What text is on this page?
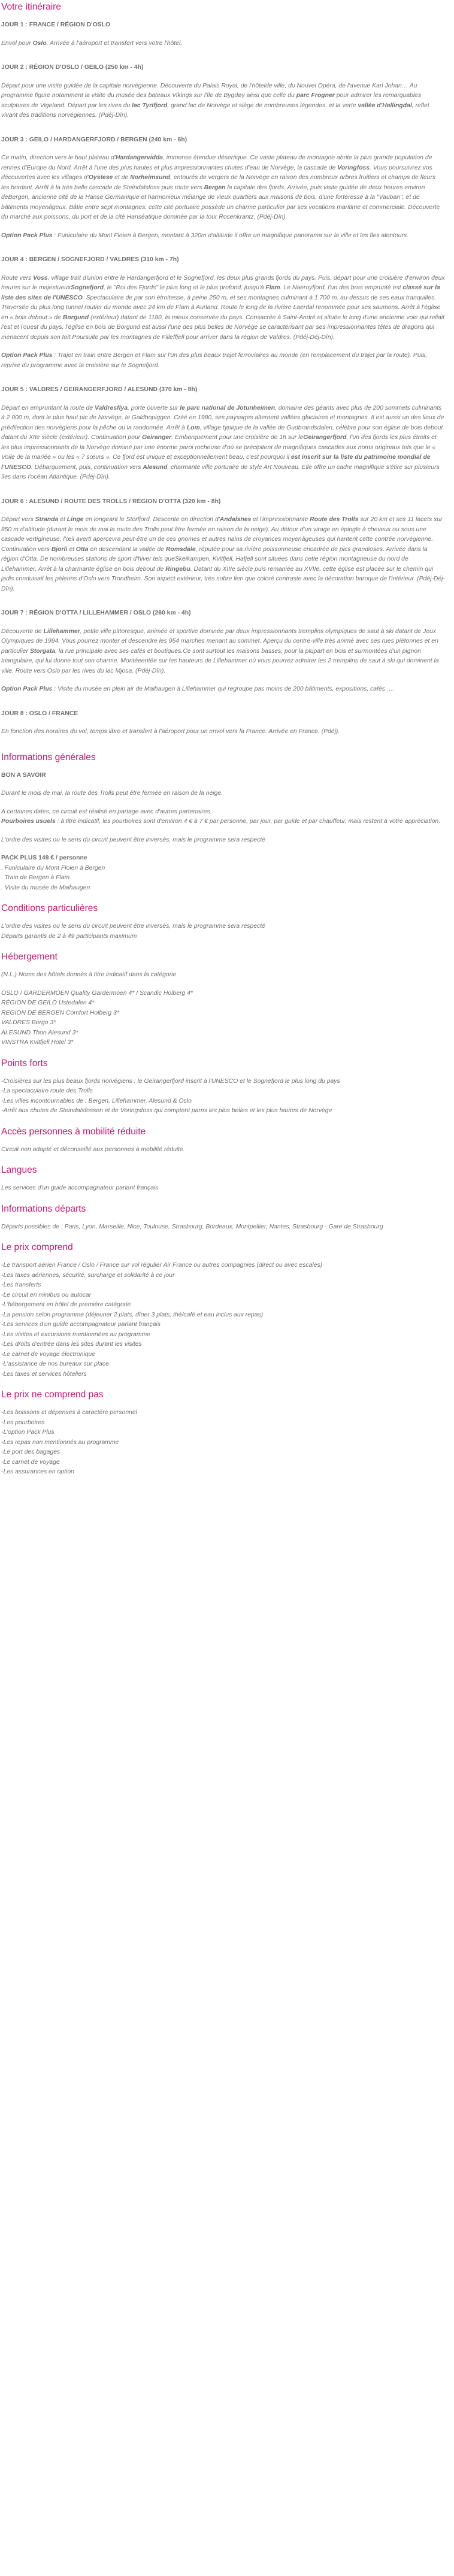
Votre itinéraire

JOUR 1 : FRANCE / RÉGION D'OSLO

Envol pour Oslo. Arrivée à l'aéroport et transfert vers votre l'hôtel.

JOUR 2 : RÉGION D'OSLO / GEILO (250 km - 4h)

Départ pour une visite guidée de la capitale norvégienne. Découverte du Palais Royal, de l'hôtelde ville, du Nouvel Opéra, de l'avenue Karl Johan… Au programme figure notamment la visite du musée des bateaux Vikings sur l'île de Bygdøy ainsi que celle du parc Frogner pour admirer les remarquables sculptures de Vigeland. Départ par les rives du lac Tyrifjord, grand lac de Norvège et siège de nombreuses légendes, et la verte vallée d'Hallingdal, reflet vivant des traditions norvégiennes. (Pdéj-Dîn).

JOUR 3 : GEILO / HARDANGERFJORD / BERGEN (240 km - 6h)

Ce matin, direction vers le haut plateau d'Hardangervidda, immense étendue désertique. Ce vaste plateau de montagne abrite la plus grande population de rennes d'Europe du Nord. Arrêt à l'une des plus hautes et plus impressionnantes chutes d'eau de Norvège, la cascade de Voringfoss. Vous poursuivrez vos découvertes avec les villages d'Oystese et de Norheimsund, entourés de vergers de la Norvège en raison des nombreux arbres fruitiers et champs de fleurs les bordant. Arrêt à la très belle cascade de Steindalsfoss puis route vers Bergen la capitale des fjords. Arrivée, puis visite guidée de deux heures environ deBergen, ancienne cité de la Hanse Germanique et harmonieux mélange de vieux quartiers aux maisons de bois, d'une forteresse à la "Vauban", et de bâtiments moyenâgeux. Bâtie entre sept montagnes, cette cité portuaire possède un charme particulier par ses vocations maritime et commerciale. Découverte du marché aux poissons, du port et de la cité Hanséatique dominée par la tour Rosenkrantz. (Pdéj-Dîn).

Option Pack Plus : Funiculaire du Mont Floien à Bergen, montant à 320m d'altitude il offre un magnifique panorama sur la ville et les îles alentours.

JOUR 4 : BERGEN / SOGNEFJORD / VALDRES (310 km - 7h)

Route vers Voss, village trait d'union entre le Hardangerfjord et le Sognefjord, les deux plus grands fjords du pays. Puis, départ pour une croisière d'environ deux heures sur le majestueuxSognefjord, le "Roi des Fjords" le plus long et le plus profond, jusqu'à Flam. Le Naeroyfjord, l'un des bras emprunté est classé sur la liste des sites de l'UNESCO. Spectaculaire de par son étroitesse, à peine 250 m, et ses montagnes culminant à 1 700 m. au-dessus de ses eaux tranquilles. Traversée du plus long tunnel routier du monde avec 24 km de Flam à Aurland. Route le long de la rivière Laerdal renommée pour ses saumons. Arrêt à l'église en « bois debout » de Borgund (extérieur) datant de 1180, la mieux conservée du pays. Consacrée à Saint-André et située le long d'une ancienne voie qui reliait l'est et l'ouest du pays, l'église en bois de Borgund est aussi l'une des plus belles de Norvège se caractérisant par ses impressionnantes têtes de dragons qui menacent depuis son toit.Poursuite par les montagnes de Filleffjell pour arriver dans la région de Valdres. (Pdéj-Déj-Dîn).

Option Pack Plus : Trajet en train entre Bergen et Flam sur l'un des plus beaux trajet ferroviaires au monde (en remplacement du trajet par la route). Puis, reprise du programme avec la croisière sur le Sognefjord.

JOUR 5 : VALDRES / GEIRANGERFJORD / ALESUND (370 km - 8h)

Départ en empruntant la route de Valdresflya, porte ouverte sur le parc national de Jotunheimen, domaine des géants avec plus de 200 sommets culminants à 2 000 m, dont le plus haut pic de Norvège, le Galdhopiggen. Créé en 1980, ses paysages alternent vallées glaciaires et montagnes. Il est aussi un des lieux de prédilection des norvégiens pour la pêche ou la randonnée. Arrêt à Lom, village typique de la vallée de Gudbrandsdalen, célèbre pour son église de bois debout datant du XIIe siècle (extérieur). Continuation pour Geiranger. Embarquement pour une croisière de 1h sur leGeirangerfjord, l'un des fjords les plus étroits et les plus impressionnants de la Norvège dominé par une énorme paroi rocheuse d'où se précipitent de magnifiques cascades aux noms originaux tels que le « Voile de la mariée » ou les « 7 sœurs ». Ce fjord est unique et exceptionnellement beau, c'est pourquoi il est inscrit sur la liste du patrimoine mondial de l'UNESCO. Débarquement, puis, continuation vers Alesund, charmante ville portuaire de style Art Nouveau. Elle offre un cadre magnifique s'étire sur plusieurs îles dans l'océan Atlantique. (Pdéj-Dîn).

JOUR 6 : ALESUND / ROUTE DES TROLLS / RÉGION D'OTTA (320 km - 8h)

Départ vers Stranda et Linge en longeant le Storfjord. Descente en direction d'Andalsnes et l'impressionnante Route des Trolls sur 20 km et ses 11 lacets sur 850 m d'altitude (durant le mois de mai la route des Trolls peut être fermée en raison de la neige). Au détour d'un virage en épingle à cheveux ou sous une cascade vertigineuse, l'œil averti apercevra peut-être un de ces gnomes et autres nains de croyances moyenâgeuses qui hantent cette contrée norvégienne. Continuation vers Bjorli et Otta en descendant la vallée de Romsdale, réputée pour sa rivière poissonneuse encadrée de pics grandioses. Arrivée dans la région d'Otta. De nombreuses stations de sport d'hiver tels queSkeikampen, Kvitfjell, Hafjell sont situées dans cette région montagneuse du nord de Lillehammer. Arrêt à la charmante église en bois debout de Ringebu. Datant du XIIIe siècle puis remaniée au XVIIe, cette église est placée sur le chemin qui jadis conduisait les pèlerins d'Oslo vers Trondheim. Son aspect extérieur, très sobre lien que coloré contraste avec la décoration baroque de l'intérieur. (Pdéj-Déj-Dîn).

JOUR 7 : RÉGION D'OTTA / LILLEHAMMER / OSLO (260 km - 4h)

Découverte de Lillehammer, petite ville pittoresque, animée et sportive dominée par deux impressionnants tremplins olympiques de saut à ski datant de Jeux Olympiques de 1994. Vous pourrez monter et descendre les 954 marches menant au sommet. Aperçu du centre-ville très animé avec ses rues piétonnes et en particulier Storgata, la rue principale avec ses cafés et boutiques.Ce sont surtout les maisons basses, pour la plupart en bois et surmontées d'un pignon triangulaire, qui lui donne tout son charme. Montéeentée sur les hauteurs de Lillehammer où vous pourrez admirer les 2 tremplins de saut à ski qui dominent la ville. Route vers Oslo par les rives du lac Mjosa. (Pdéj-Dîn).

Option Pack Plus : Visite du musée en plein air de Maihaugen à Lillehammer qui regroupe pas moins de 200 bâtiments, expositions, cafés ….

JOUR 8 : OSLO / FRANCE

En fonction des horaires du vol, temps libre et transfert à l'aéroport pour un envol vers la France. Arrivée en France. (Pdéj).

Informations générales

BON A SAVOIR

Durant le mois de mai, la route des Trolls peut être fermée en raison de la neige.

A certaines dates, ce circuit est réalisé en partage avec d'autres partenaires.

Pourboires usuels : à titre indicatif, les pourboires sont d'environ 4 € à 7 € par personne, par jour, par guide et par chauffeur, mais restent à votre appréciation.

L'ordre des visites ou le sens du circuit peuvent être inversés, mais le programme sera respecté

PACK PLUS 149 € / personne
. Funiculaire du Mont Floien à Bergen
. Train de Bergen à Flam
. Visite du musée de Maihaugen
Conditions particulières

L'ordre des visites ou le sens du circuit peuvent être inversés, mais le programme sera respecté

Départs garantis de 2 à 49 participants maximum

Hébergement

(N.L.) Noms des hôtels donnés à titre indicatif dans la catégorie

OSLO / GARDERMOEN Quality Gardermoen 4* / Scandic Holberg 4*
RÉGION DE GEILO Ustedalen 4*
REGION DE BERGEN Comfort Holberg 3*
VALDRES Bergo 3*
ALESUND Thon Alesund 3*
VINSTRA Kvitfjell Hotel 3*
Points forts
-Croisières sur les plus beaux fjords norvégiens : le Geirangerfjord inscrit à l'UNESCO et le Sognefjord le plus long du pays
-La spectaculaire route des Trolls
-Les villes incontournables de : Bergen, Lillehammer, Alesund & Oslo
-Arrêt aux chutes de Steindalsfossen et de Voringsfoss qui comptent parmi les plus belles et les plus hautes de Norvège
Accès personnes à mobilité réduite

Circuit non adapté et déconseillé aux personnes à mobilité réduite.

Langues

Les services d'un guide accompagnateur parlant français

Informations départs

Départs possibles de : Paris, Lyon, Marseille, Nice, Toulouse, Strasbourg, Bordeaux, Montpellier, Nantes, Strasbourg - Gare de Strasbourg

Le prix comprend
-Le transport aérien France / Oslo / France sur vol régulier Air France ou autres compagnies (direct ou avec escales)
-Les taxes aériennes, sécurité, surcharge et solidarité à ce jour
-Les transferts
-Le circuit en minibus ou autocar
-L'hébergement en hôtel de première catégorie
-La pension selon programme (déjeuner 2 plats, dîner 3 plats, thé/café et eau inclus aux repas)
-Les services d'un guide accompagnateur parlant français
-Les visites et excursions mentionnées au programme
-Les droits d'entrée dans les sites durant les visites
-Le carnet de voyage électronique
-L'assistance de nos bureaux sur place
-Les taxes et services hôteliers
Le prix ne comprend pas
-Les boissons et dépenses à caractère personnel
-Les pourboires
-L'option Pack Plus
-Les repas non mentionnés au programme
-Le port des bagages
-Le carnet de voyage
-Les assurances en option
